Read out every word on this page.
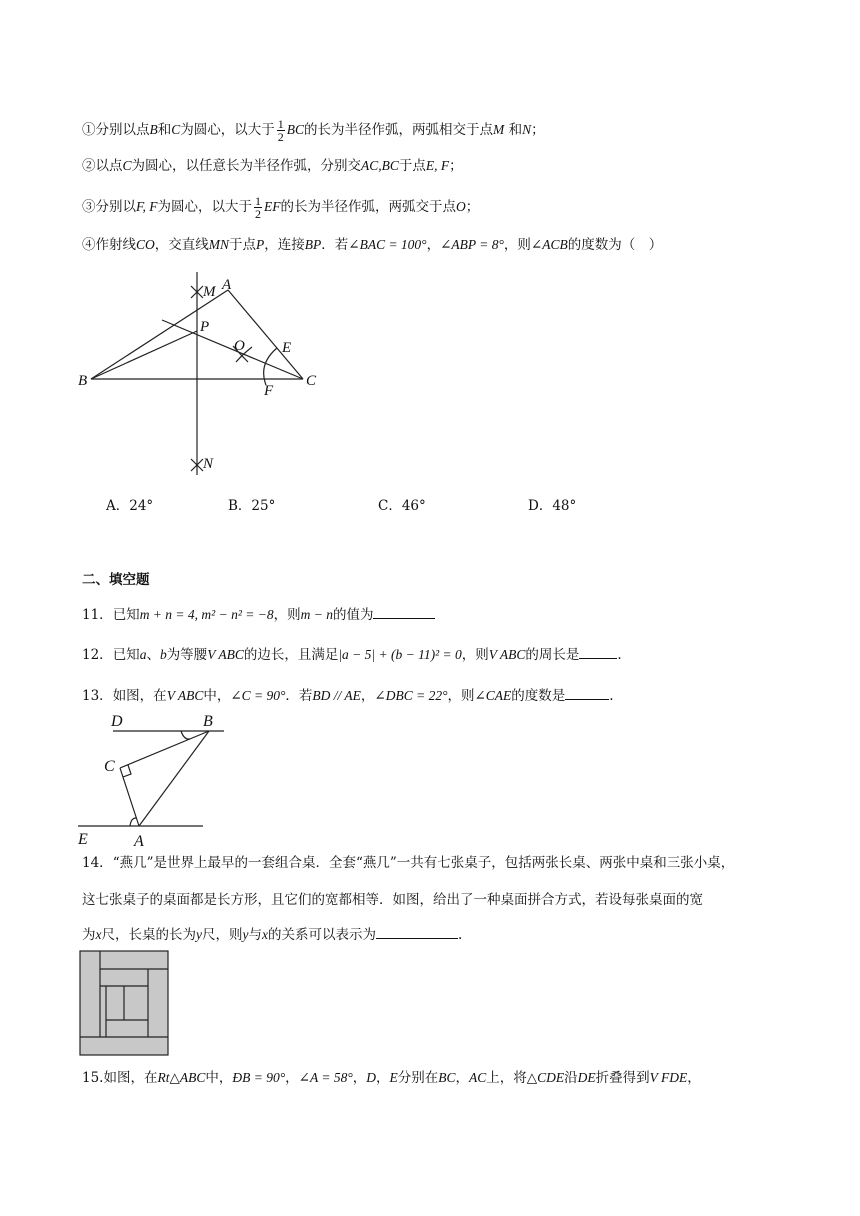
①分别以点B和C为圆心，以大于 $\frac{1}{2}$ BC的长为半径作弧，两弧相交于点M 和N；
②以点C为圆心，以任意长为半径作弧，分别交AC,BC于点E, F；
③分别以F, F为圆心，以大于 $\frac{1}{2}$ EF的长为半径作弧，两弧交于点O；
④作射线CO，交直线MN于点P，连接BP．若∠BAC = 100°，∠ABP = 8°，则∠ACB的度数为（　）
M A
P
O E
B	C
F
N
D	B
C
E	A
A．24°	B．25°	C．46°	D．48°
二、填空题
11．已知m + n = 4, m² − n² = −8，则m − n的值为
12．已知a、b为等腰V ABC的边长，且满足|a − 5| + (b − 11)² = 0，则V ABC的周长是	.
13．如图，在V ABC中，∠C = 90°．若BD // AE，∠DBC = 22°，则∠CAE的度数是	.
14．“燕几”是世界上最早的一套组合桌．全套“燕几”一共有七张桌子，包括两张长桌、两张中桌和三张小桌，
这七张桌子的桌面都是长方形，且它们的宽都相等．如图，给出了一种桌面拼合方式，若设每张桌面的宽
为x尺，长桌的长为y尺，则y与x的关系可以表示为	.
15.如图，在Rt△ABC中，ÐB = 90°，∠A = 58°，D，E分别在BC，AC上，将△CDE沿DE折叠得到V FDE，
